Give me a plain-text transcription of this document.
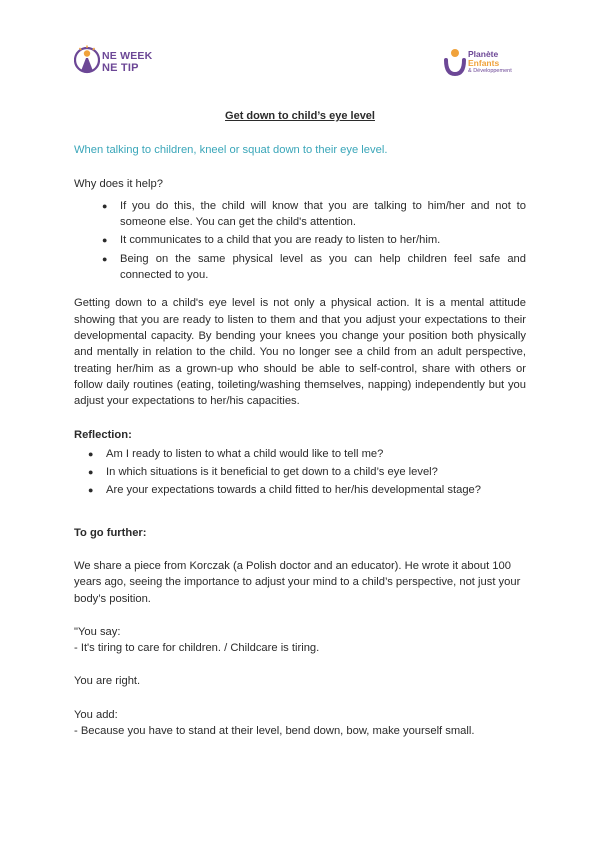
NE WEEK
NE TIP
Planète
Enfants
& Développement

Get down to child’s eye level

When talking to children, kneel or squat down to their eye level.

Why does it help?

● If you do this, the child will know that you are talking to him/her and not to someone else. You can get the child's attention.
● It communicates to a child that you are ready to listen to her/him.
● Being on the same physical level as you can help children feel safe and connected to you.

Getting down to a child's eye level is not only a physical action. It is a mental attitude showing that you are ready to listen to them and that you adjust your expectations to their developmental capacity. By bending your knees you change your position both physically and mentally in relation to the child. You no longer see a child from an adult perspective, treating her/him as a grown-up who should be able to self-control, share with others or follow daily routines (eating, toileting/washing themselves, napping) independently but you adjust your expectations to her/his capacities.

Reflection:

● Am I ready to listen to what a child would like to tell me?
● In which situations is it beneficial to get down to a child’s eye level?
● Are your expectations towards a child fitted to her/his developmental stage?

To go further:

We share a piece from Korczak (a Polish doctor and an educator). He wrote it about 100 years ago, seeing the importance to adjust your mind to a child’s perspective, not just your body’s position.

"You say:

- It's tiring to care for children. / Childcare is tiring.

You are right.

You add:

- Because you have to stand at their level, bend down, bow, make yourself small.
